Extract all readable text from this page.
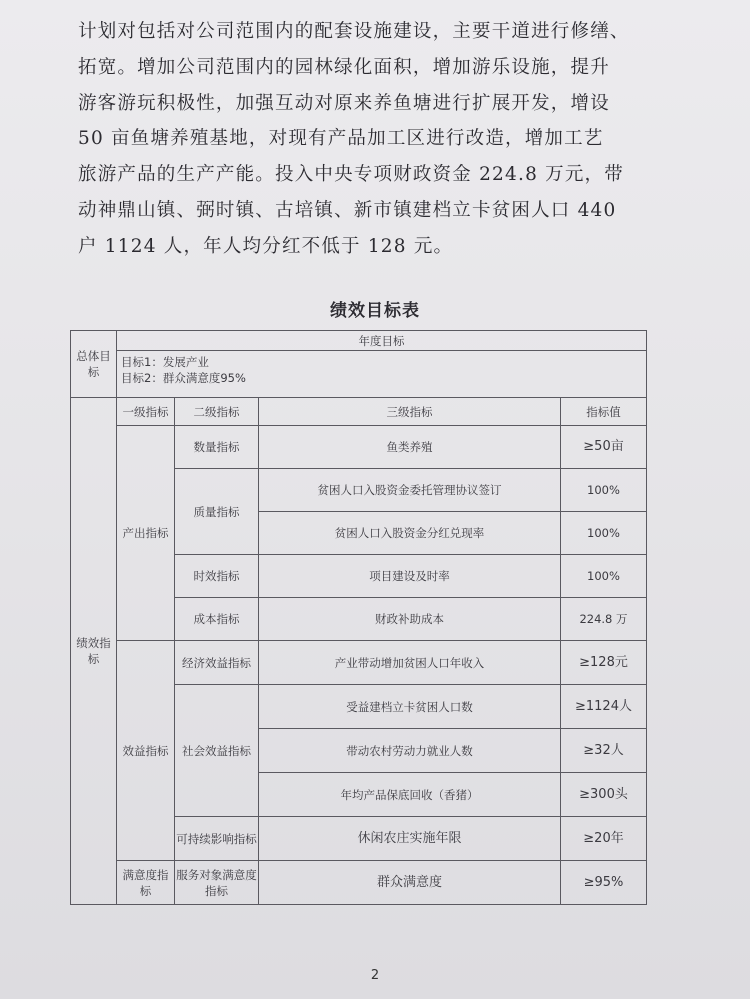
计划对包括对公司范围内的配套设施建设，主要干道进行修缮、

拓宽。增加公司范围内的园林绿化面积，增加游乐设施，提升

游客游玩积极性，加强互动对原来养鱼塘进行扩展开发，增设

50 亩鱼塘养殖基地，对现有产品加工区进行改造，增加工艺

旅游产品的生产产能。投入中央专项财政资金 224.8 万元，带

动神鼎山镇、弼时镇、古培镇、新市镇建档立卡贫困人口 440

户 1124 人，年人均分红不低于 128 元。

绩效目标表
总体目标	年度目标			

	目标1：发展产业
目标2：群众满意度95%			

绩效指标	一级指标	二级指标	三级指标	指标值
	产出指标	数量指标	鱼类养殖	≥50亩
		质量指标	贫困人口入股资金委托管理协议签订	100%
			贫困人口入股资金分红兑现率	100%
		时效指标	项目建设及时率	100%
		成本指标	财政补助成本	224.8 万

	效益指标	经济效益指标	产业带动增加贫困人口年收入	≥128元
		社会效益指标	受益建档立卡贫困人口数	≥1124人
			带动农村劳动力就业人数	≥32人
			年均产品保底回收（香猪）	≥300头
		可持续影响指标	休闲农庄实施年限	≥20年
	满意度指标	服务对象满意度指标	群众满意度	≥95%
2
